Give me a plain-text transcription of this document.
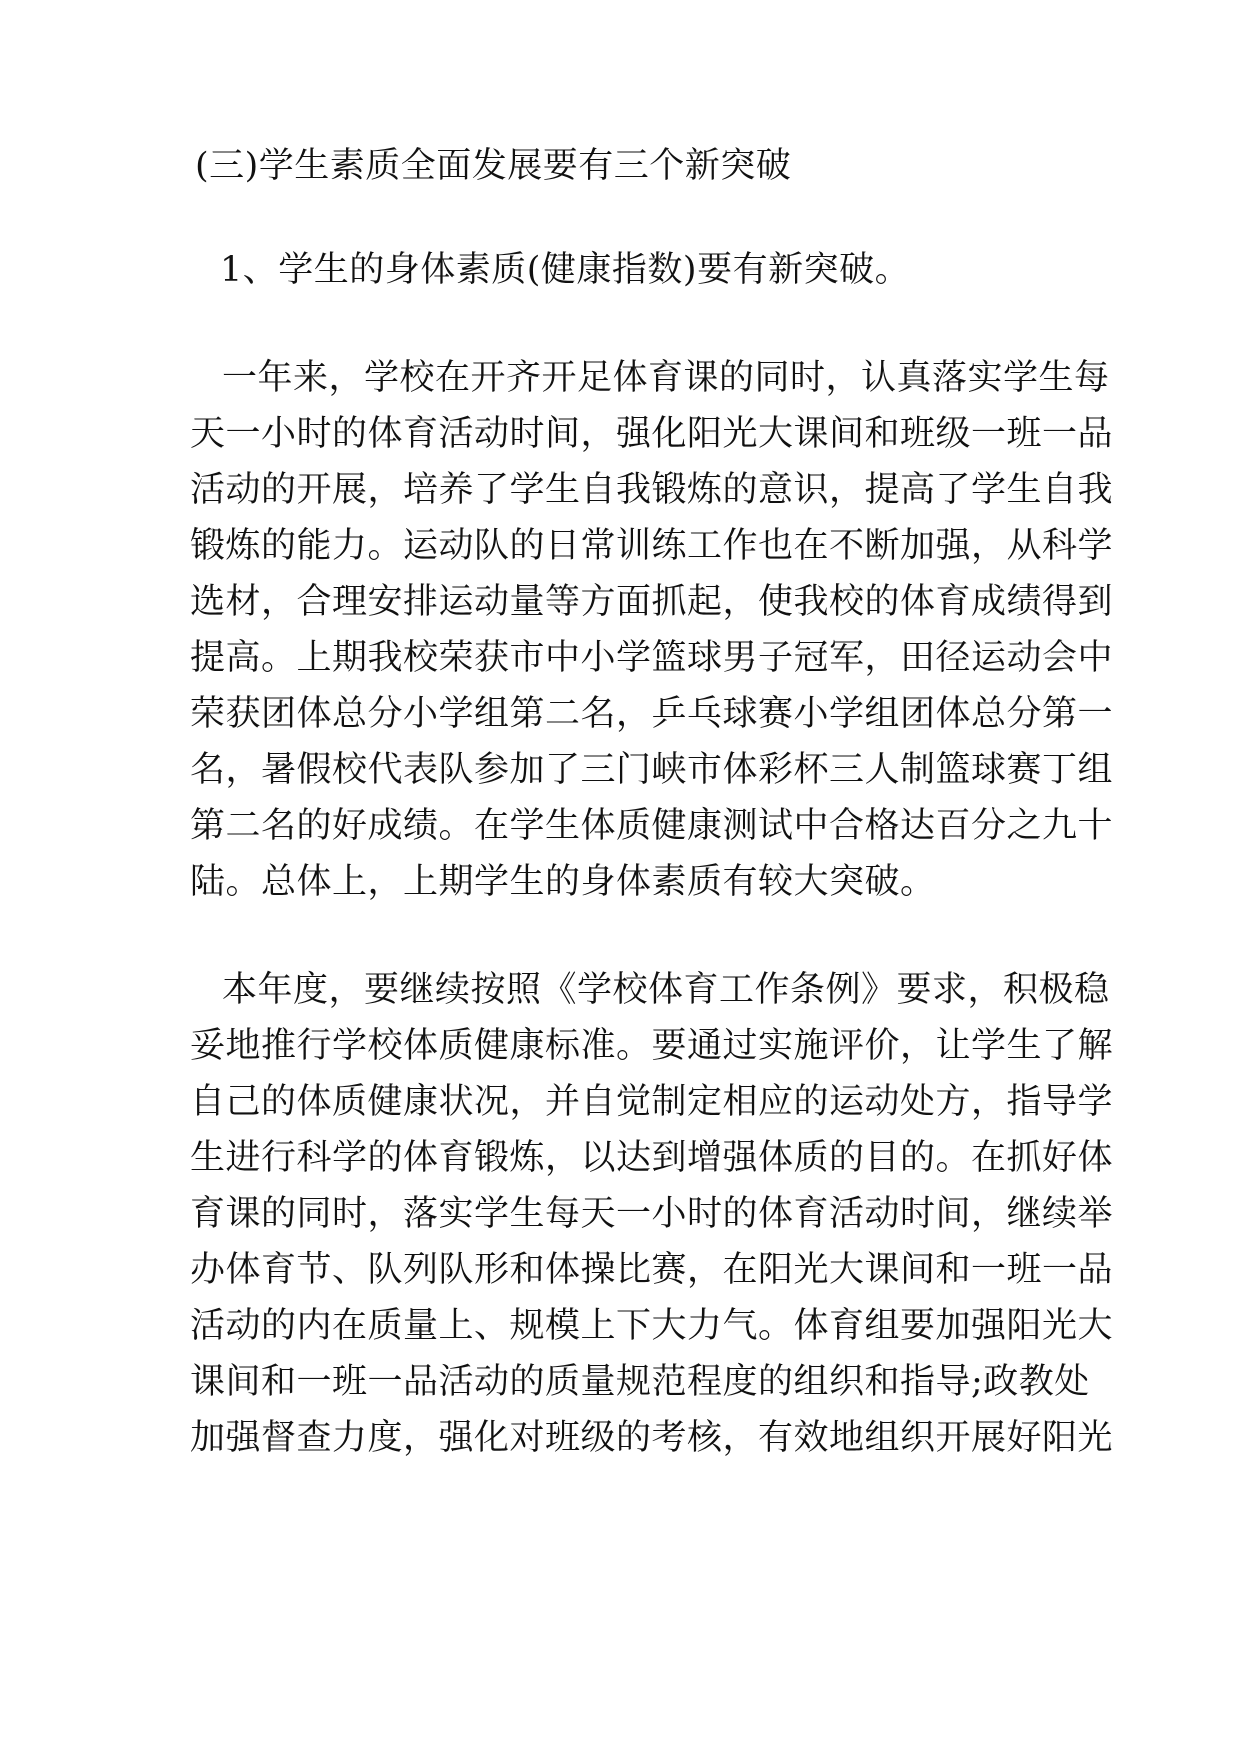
(三)学生素质全面发展要有三个新突破
1、学生的身体素质(健康指数)要有新突破。
一年来，学校在开齐开足体育课的同时，认真落实学生每
天一小时的体育活动时间，强化阳光大课间和班级一班一品
活动的开展，培养了学生自我锻炼的意识，提高了学生自我
锻炼的能力。运动队的日常训练工作也在不断加强，从科学
选材，合理安排运动量等方面抓起，使我校的体育成绩得到
提高。上期我校荣获市中小学篮球男子冠军，田径运动会中
荣获团体总分小学组第二名，乒乓球赛小学组团体总分第一
名，暑假校代表队参加了三门峡市体彩杯三人制篮球赛丁组
第二名的好成绩。在学生体质健康测试中合格达百分之九十
陆。总体上，上期学生的身体素质有较大突破。
本年度，要继续按照《学校体育工作条例》要求，积极稳
妥地推行学校体质健康标准。要通过实施评价，让学生了解
自己的体质健康状况，并自觉制定相应的运动处方，指导学
生进行科学的体育锻炼，以达到增强体质的目的。在抓好体
育课的同时，落实学生每天一小时的体育活动时间，继续举
办体育节、队列队形和体操比赛，在阳光大课间和一班一品
活动的内在质量上、规模上下大力气。体育组要加强阳光大
课间和一班一品活动的质量规范程度的组织和指导;政教处
加强督查力度，强化对班级的考核，有效地组织开展好阳光
